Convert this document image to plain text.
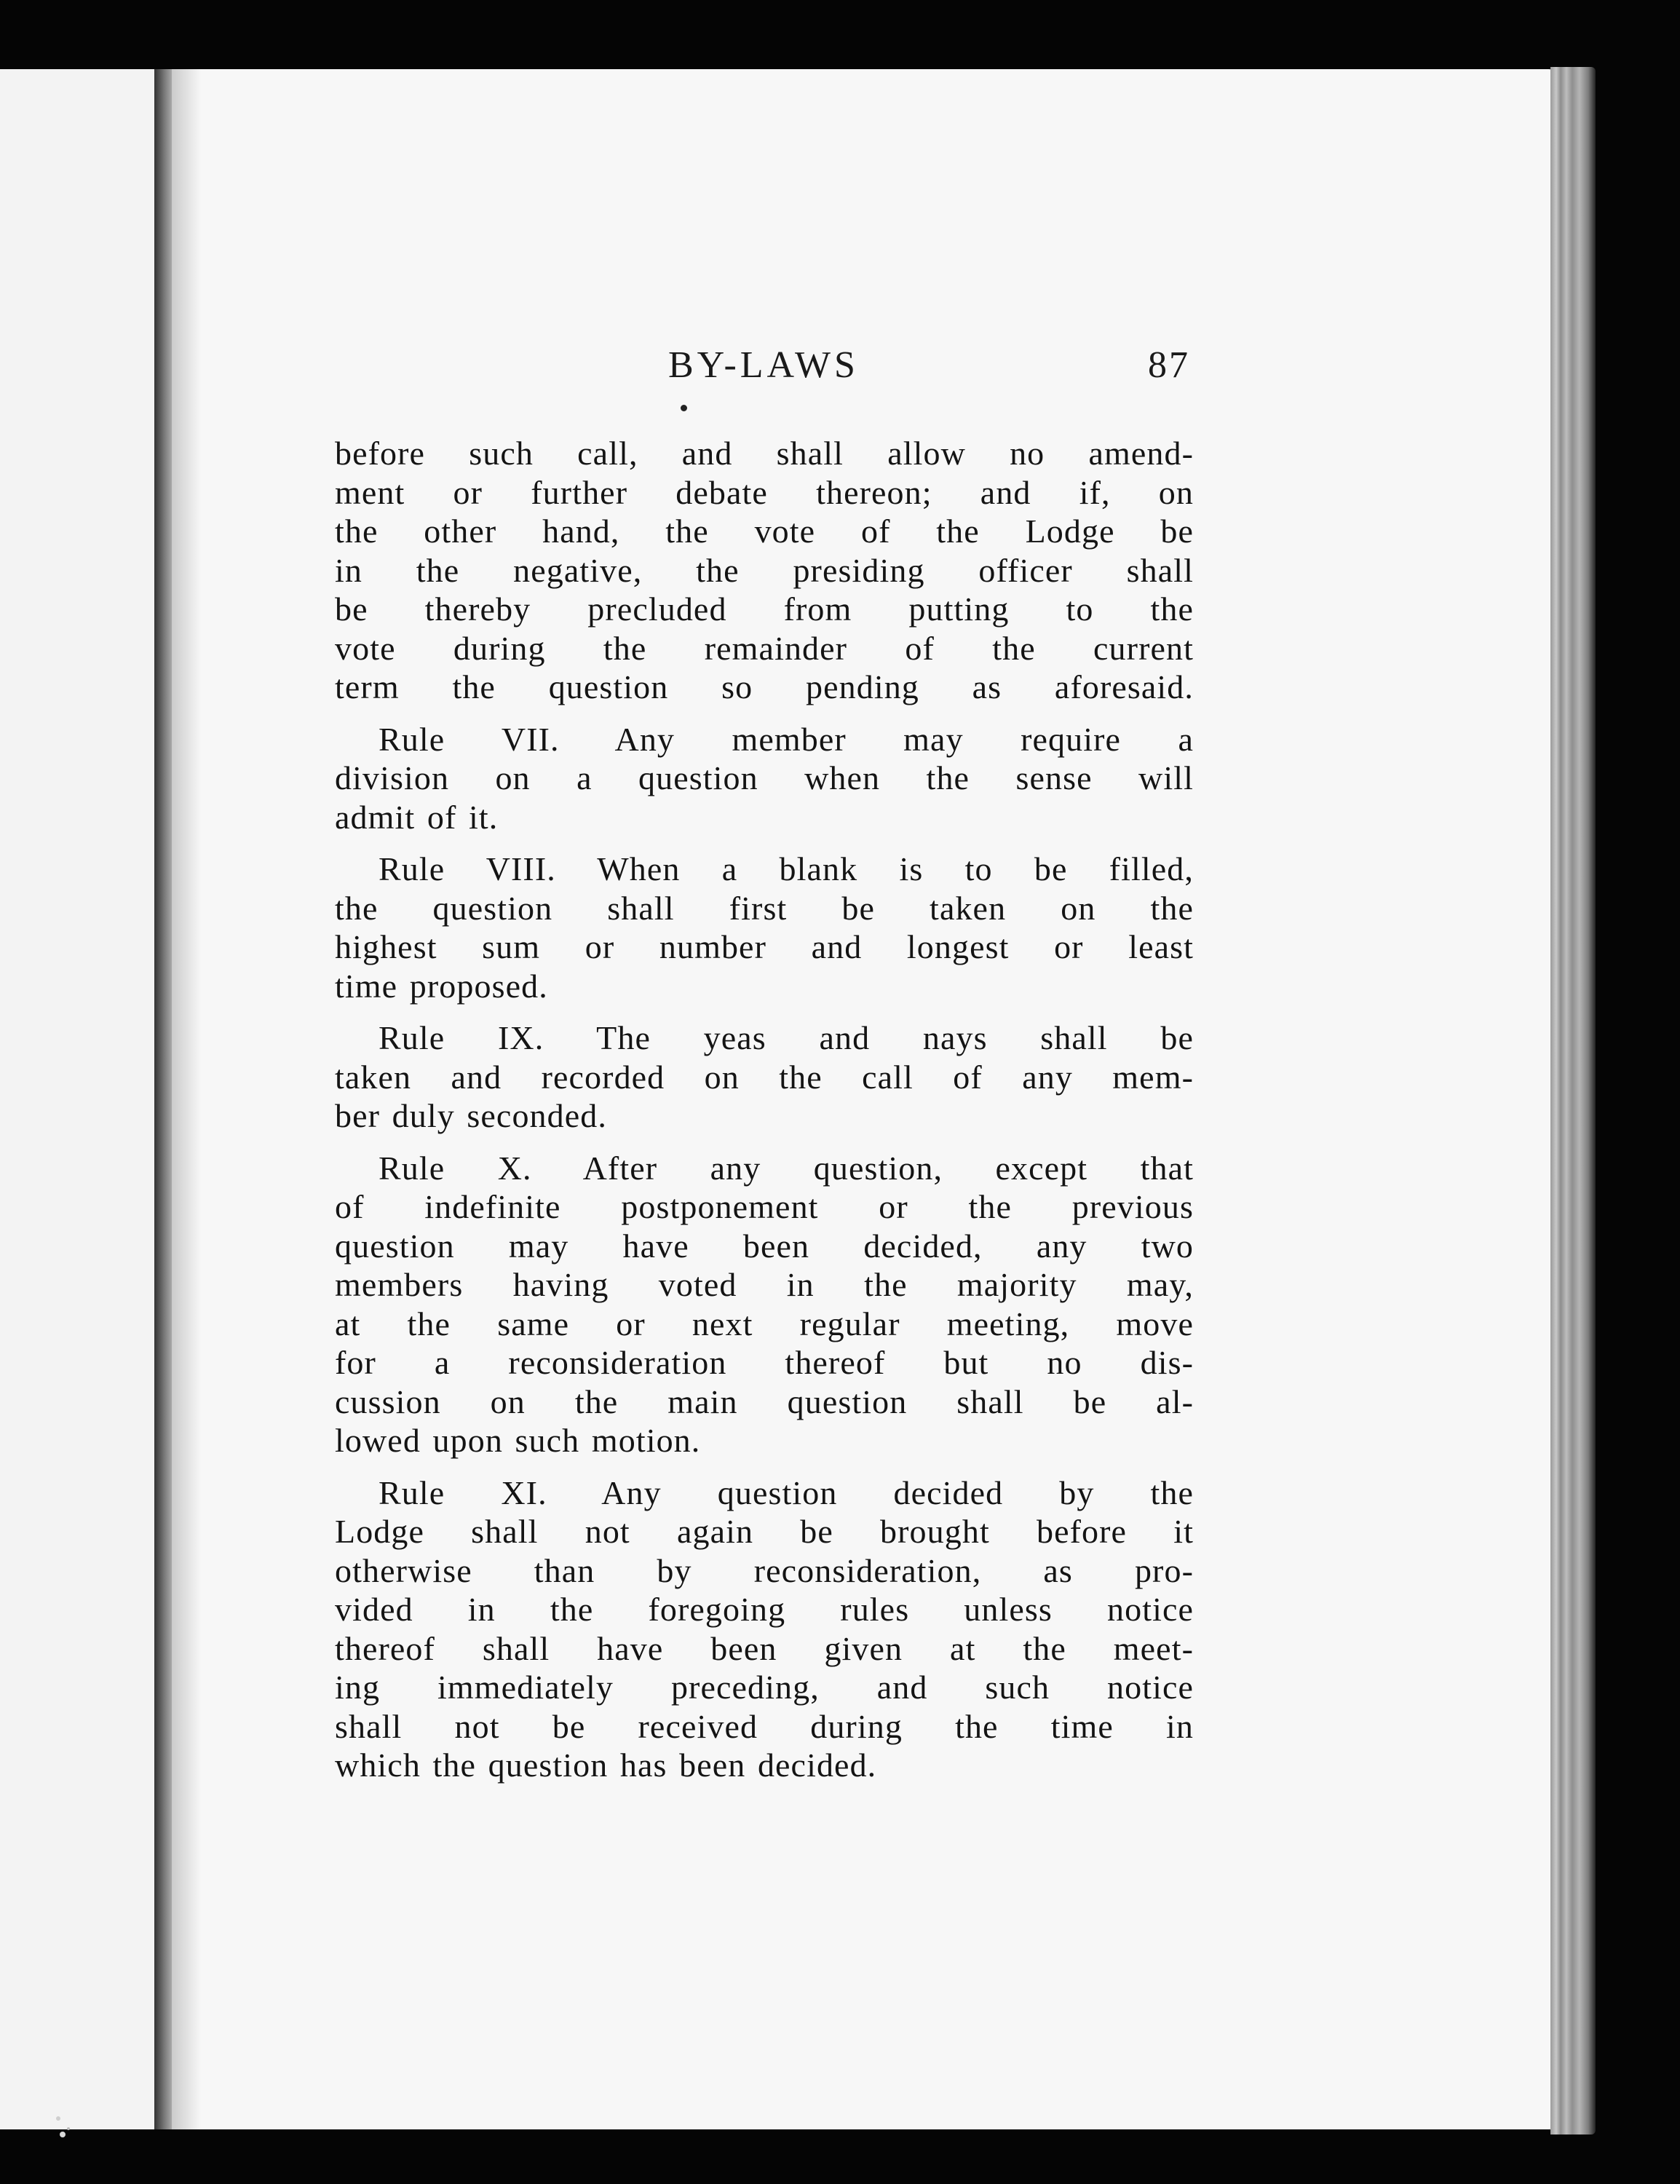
BY-LAWS	87
before such call, and shall allow no amend-
ment or further debate thereon; and if, on
the other hand, the vote of the Lodge be
in the negative, the presiding officer shall
be thereby precluded from putting to the
vote during the remainder of the current
term the question so pending as aforesaid.
Rule VII. Any member may require a
division on a question when the sense will
admit of it.
Rule VIII. When a blank is to be filled,
the question shall first be taken on the
highest sum or number and longest or least
time proposed.
Rule IX. The yeas and nays shall be
taken and recorded on the call of any mem-
ber duly seconded.
Rule X. After any question, except that
of indefinite postponement or the previous
question may have been decided, any two
members having voted in the majority may,
at the same or next regular meeting, move
for a reconsideration thereof but no dis-
cussion on the main question shall be al-
lowed upon such motion.
Rule XI. Any question decided by the
Lodge shall not again be brought before it
otherwise than by reconsideration, as pro-
vided in the foregoing rules unless notice
thereof shall have been given at the meet-
ing immediately preceding, and such notice
shall not be received during the time in
which the question has been decided.
